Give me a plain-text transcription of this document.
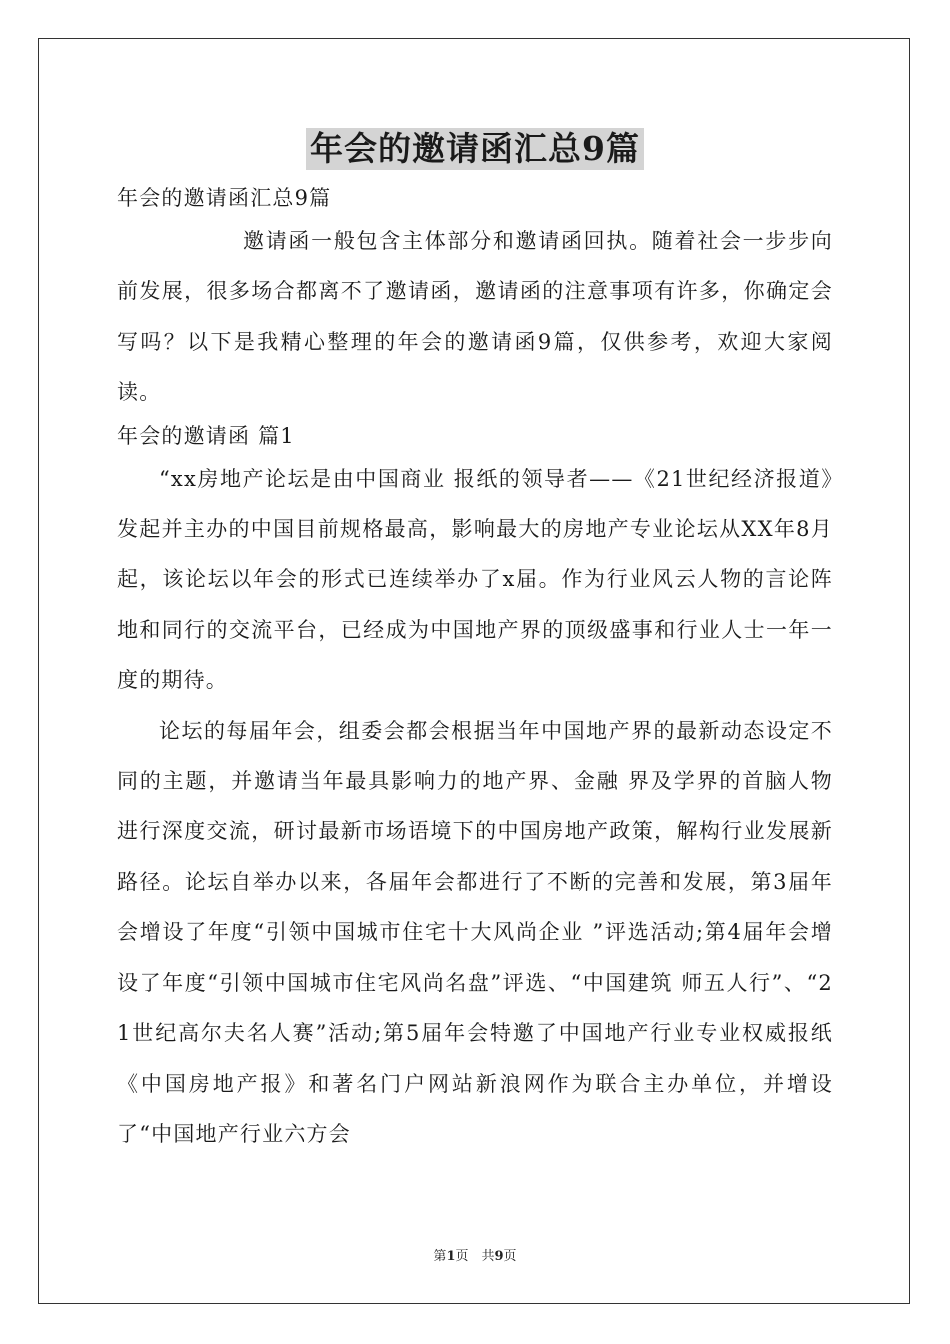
年会的邀请函汇总9篇

年会的邀请函汇总9篇

邀请函一般包含主体部分和邀请函回执。随着社会一步步向前发展，很多场合都离不了邀请函，邀请函的注意事项有许多，你确定会写吗？以下是我精心整理的年会的邀请函9篇，仅供参考，欢迎大家阅读。

年会的邀请函 篇1

“xx房地产论坛是由中国商业 报纸的领导者——《21世纪经济报道》发起并主办的中国目前规格最高，影响最大的房地产专业论坛从XX年8月起，该论坛以年会的形式已连续举办了x届。作为行业风云人物的言论阵地和同行的交流平台，已经成为中国地产界的顶级盛事和行业人士一年一度的期待。

论坛的每届年会，组委会都会根据当年中国地产界的最新动态设定不同的主题，并邀请当年最具影响力的地产界、金融 界及学界的首脑人物进行深度交流，研讨最新市场语境下的中国房地产政策，解构行业发展新路径。论坛自举办以来，各届年会都进行了不断的完善和发展，第3届年会增设了年度“引领中国城市住宅十大风尚企业 ”评选活动;第4届年会增设了年度“引领中国城市住宅风尚名盘”评选、“中国建筑 师五人行”、“21世纪高尔夫名人赛”活动;第5届年会特邀了中国地产行业专业权威报纸《中国房地产报》和著名门户网站新浪网作为联合主办单位，并增设了“中国地产行业六方会

第1页　共9页
